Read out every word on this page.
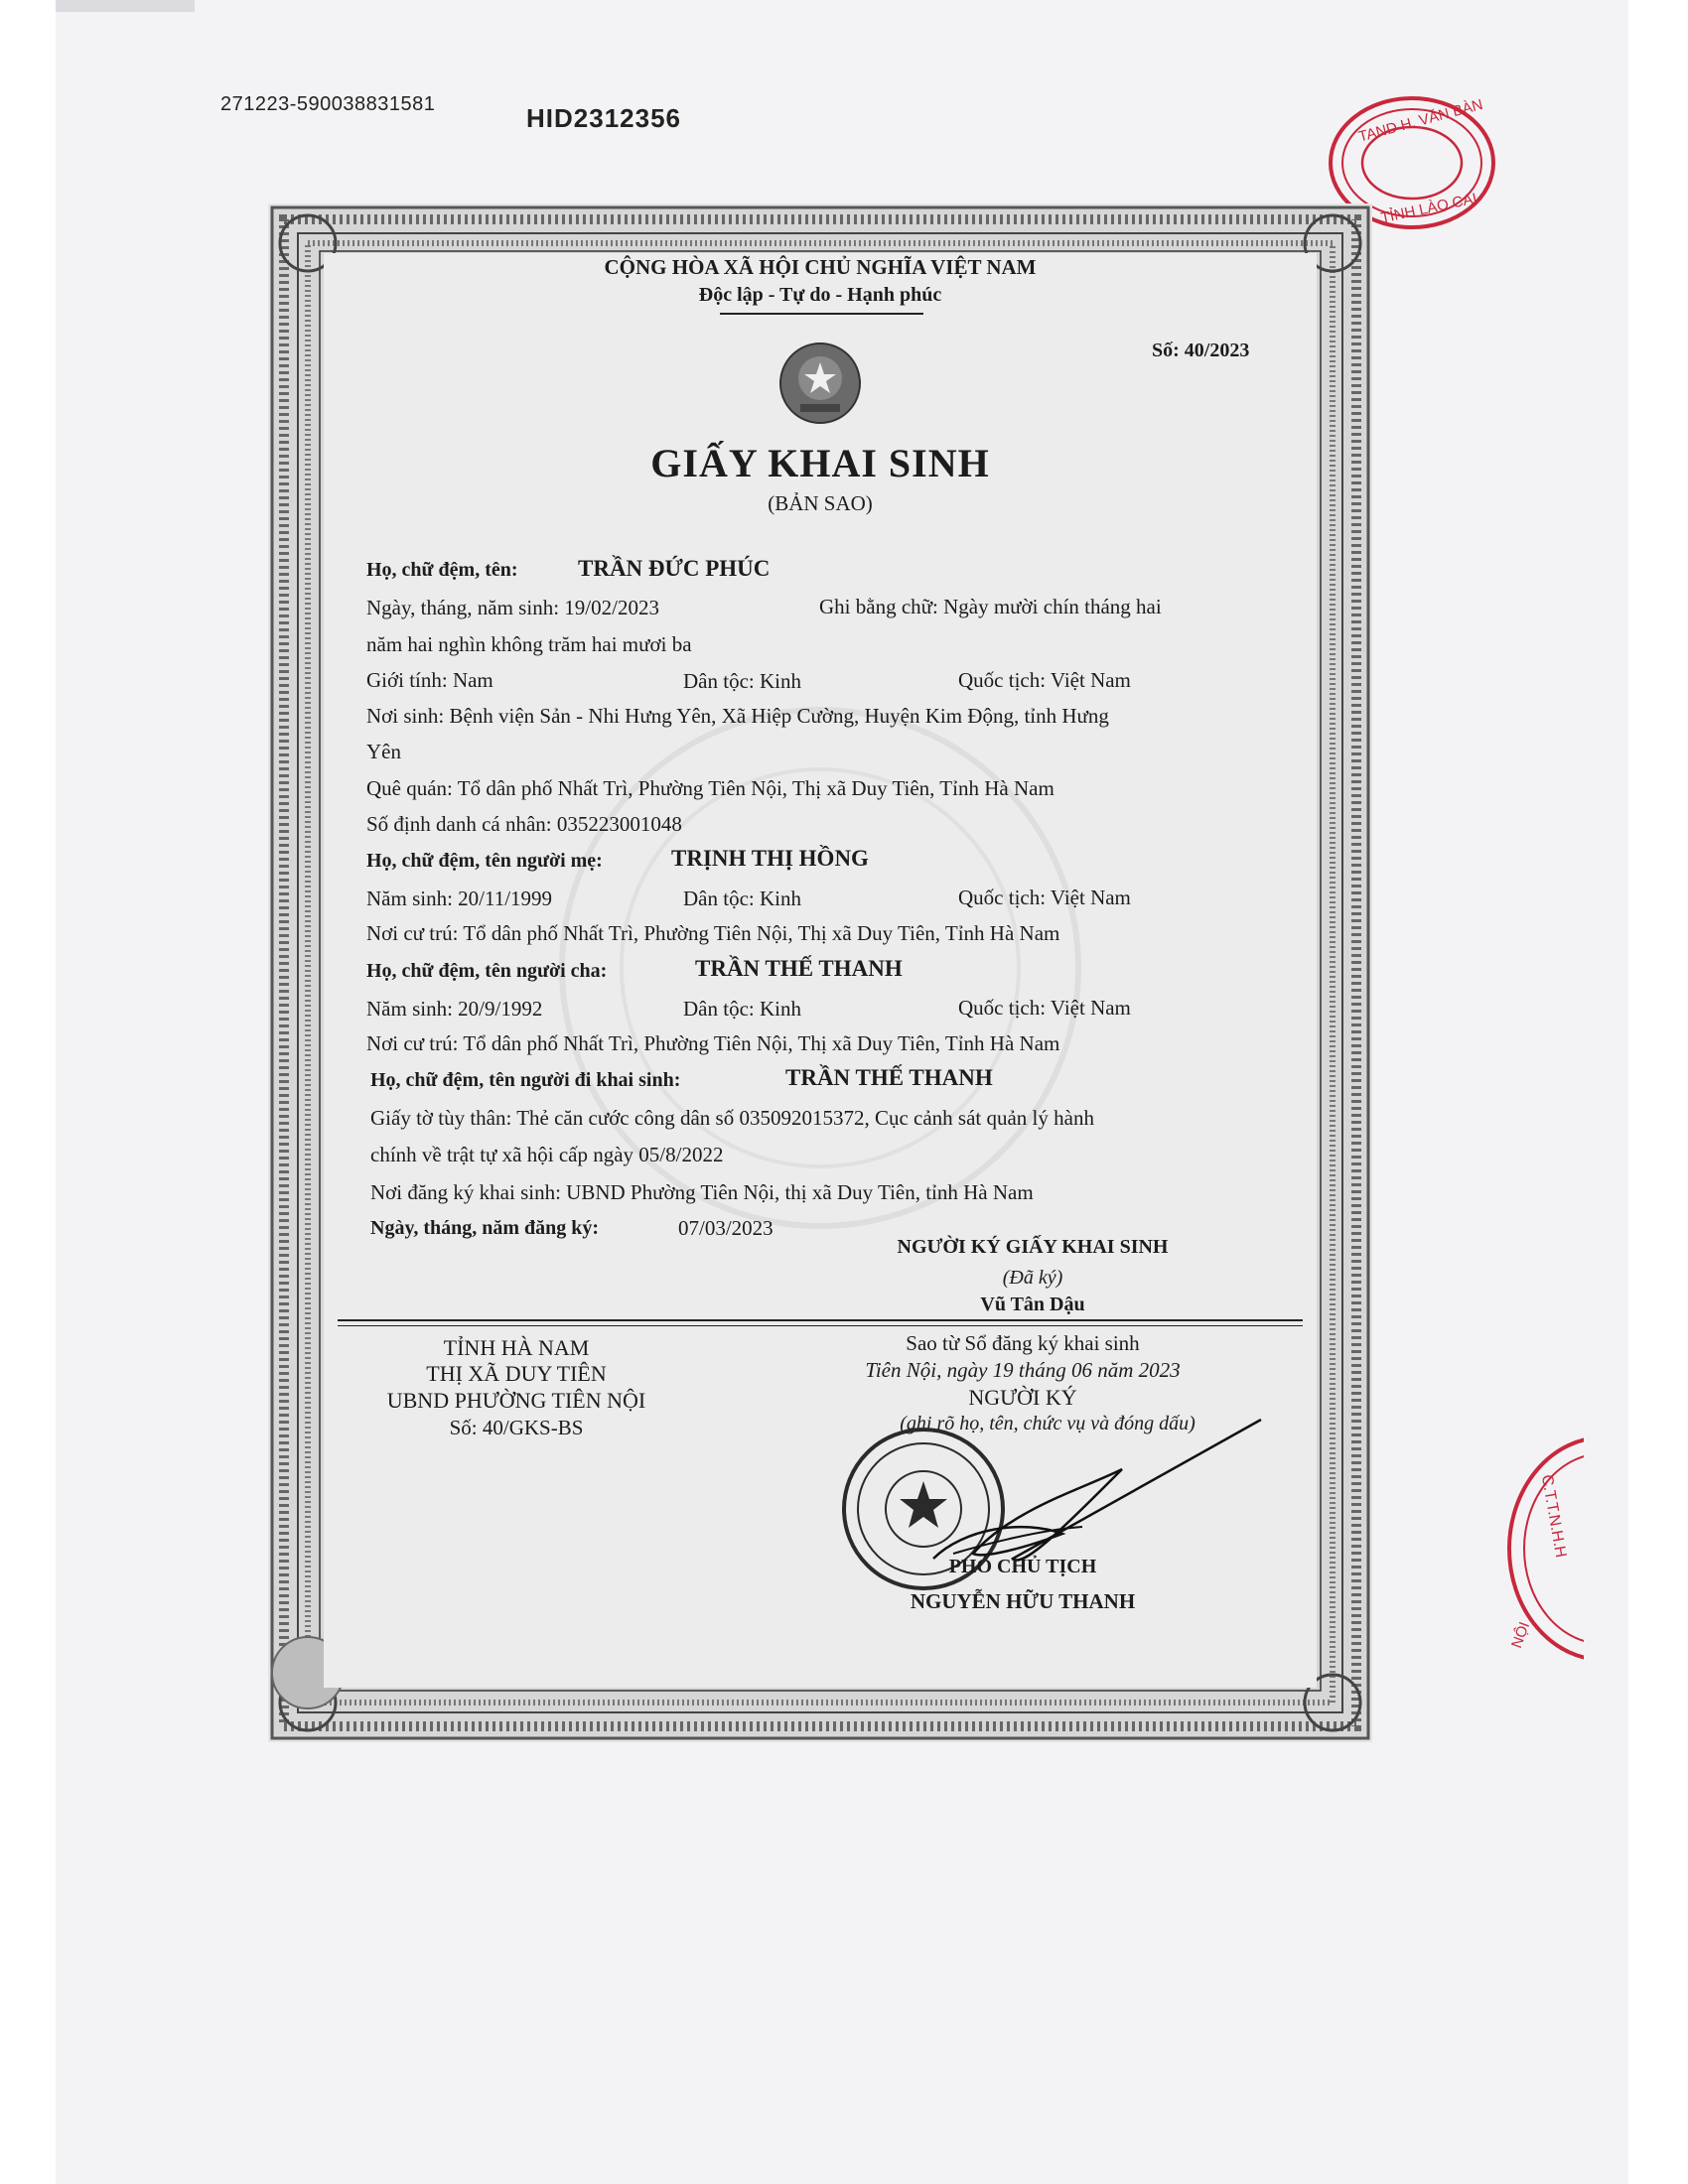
271223-590038831581	HID2312356	TAND H. VĂN BÀN
TỈNH LÀO CAI
C.T.T.N.H.H
NỘI
CỘNG HÒA XÃ HỘI CHỦ NGHĨA VIỆT NAM
Độc lập - Tự do - Hạnh phúc
Số: 40/2023
GIẤY KHAI SINH
(BẢN SAO)
Họ, chữ đệm, tên:	TRẦN ĐỨC PHÚC
Ngày, tháng, năm sinh: 19/02/2023	Ghi bằng chữ: Ngày mười chín tháng hai
năm hai nghìn không trăm hai mươi ba
Giới tính: Nam	Dân tộc: Kinh	Quốc tịch: Việt Nam
Nơi sinh: Bệnh viện Sản - Nhi Hưng Yên, Xã Hiệp Cường, Huyện Kim Động, tỉnh Hưng
Yên
Quê quán: Tổ dân phố Nhất Trì, Phường Tiên Nội, Thị xã Duy Tiên, Tỉnh Hà Nam
Số định danh cá nhân: 035223001048
Họ, chữ đệm, tên người mẹ:	TRỊNH THỊ HỒNG
Năm sinh: 20/11/1999	Dân tộc: Kinh	Quốc tịch: Việt Nam
Nơi cư trú: Tổ dân phố Nhất Trì, Phường Tiên Nội, Thị xã Duy Tiên, Tỉnh Hà Nam
Họ, chữ đệm, tên người cha:	TRẦN THẾ THANH
Năm sinh: 20/9/1992	Dân tộc: Kinh	Quốc tịch: Việt Nam
Nơi cư trú: Tổ dân phố Nhất Trì, Phường Tiên Nội, Thị xã Duy Tiên, Tỉnh Hà Nam
Họ, chữ đệm, tên người đi khai sinh:	TRẦN THẾ THANH
Giấy tờ tùy thân: Thẻ căn cước công dân số 035092015372, Cục cảnh sát quản lý hành
chính về trật tự xã hội cấp ngày 05/8/2022
Nơi đăng ký khai sinh: UBND Phường Tiên Nội, thị xã Duy Tiên, tỉnh Hà Nam
Ngày, tháng, năm đăng ký:	07/03/2023
NGƯỜI KÝ GIẤY KHAI SINH
(Đã ký)
Vũ Tân Dậu
TỈNH HÀ NAM
THỊ XÃ DUY TIÊN
UBND PHƯỜNG TIÊN NỘI
Số: 40/GKS-BS
Sao từ Sổ đăng ký khai sinh
Tiên Nội, ngày 19 tháng 06 năm 2023
NGƯỜI KÝ
(ghi rõ họ, tên, chức vụ và đóng dấu)
PHÓ CHỦ TỊCH
NGUYỄN HỮU THANH
